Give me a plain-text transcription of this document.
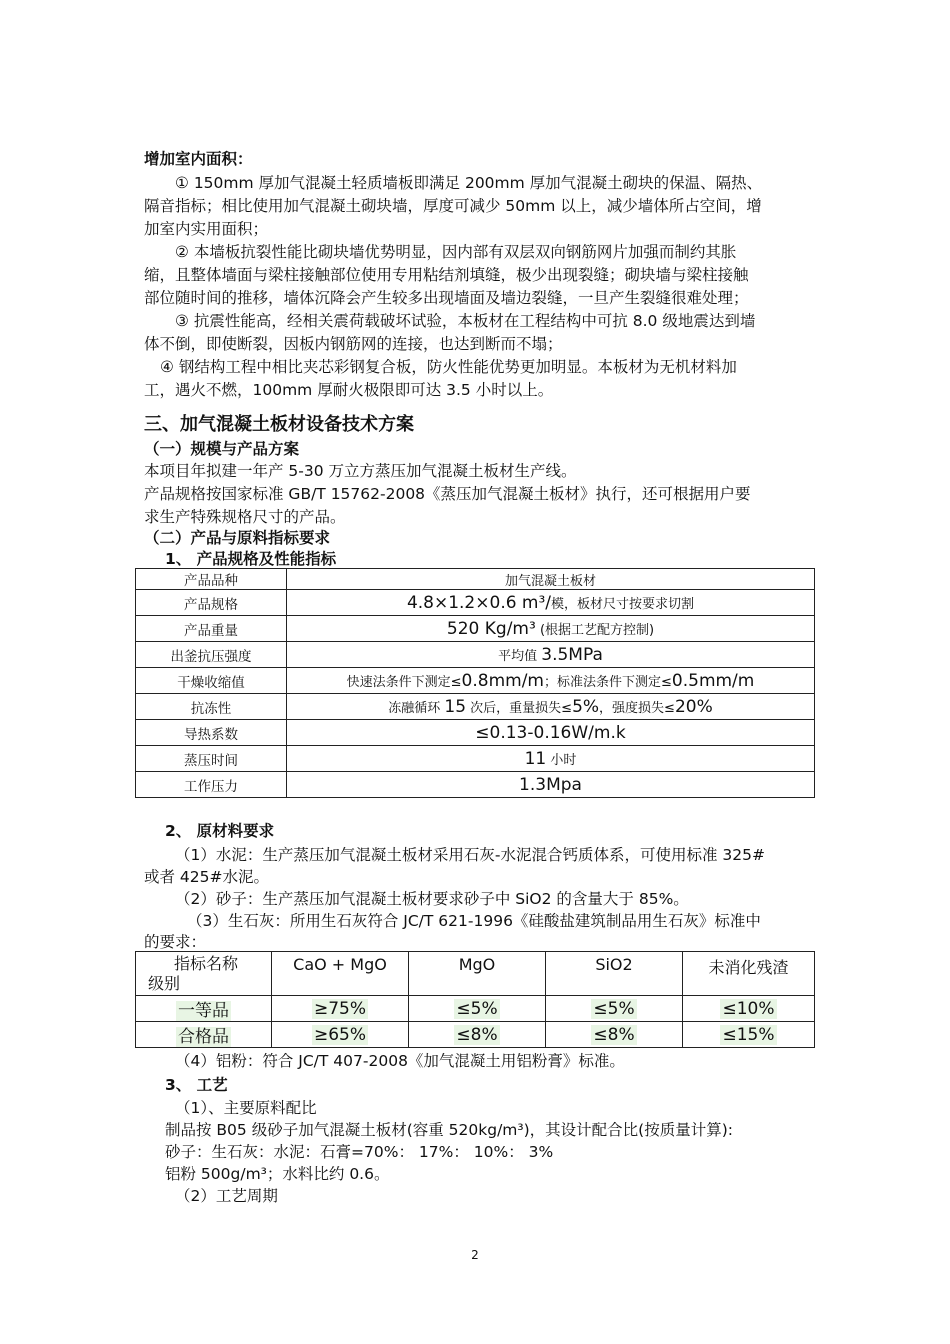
增加室内面积：
① 150mm 厚加气混凝土轻质墙板即满足 200mm 厚加气混凝土砌块的保温、隔热、
隔音指标；相比使用加气混凝土砌块墙，厚度可减少 50mm 以上，减少墙体所占空间，增
加室内实用面积；
② 本墙板抗裂性能比砌块墙优势明显，因内部有双层双向钢筋网片加强而制约其胀
缩，且整体墙面与梁柱接触部位使用专用粘结剂填缝，极少出现裂缝；砌块墙与梁柱接触
部位随时间的推移，墙体沉降会产生较多出现墙面及墙边裂缝，一旦产生裂缝很难处理；
③ 抗震性能高，经相关震荷载破坏试验，本板材在工程结构中可抗 8.0 级地震达到墙
体不倒，即使断裂，因板内钢筋网的连接，也达到断而不塌；
④ 钢结构工程中相比夹芯彩钢复合板，防火性能优势更加明显。本板材为无机材料加
工，遇火不燃，100mm 厚耐火极限即可达 3.5 小时以上。
三、加气混凝土板材设备技术方案
（一）规模与产品方案
本项目年拟建一年产 5-30 万立方蒸压加气混凝土板材生产线。
产品规格按国家标准 GB/T 15762-2008《蒸压加气混凝土板材》执行，还可根据用户要
求生产特殊规格尺寸的产品。
（二）产品与原料指标要求
1、 产品规格及性能指标
产品品种	加气混凝土板材
产品规格	4.8×1.2×0.6 m³/模，板材尺寸按要求切割
产品重量	520 Kg/m³ (根据工艺配方控制)
出釜抗压强度	平均值 3.5MPa
干燥收缩值	快速法条件下测定≤0.8mm/m；标准法条件下测定≤0.5mm/m
抗冻性	冻融循环 15 次后，重量损失≤5%，强度损失≤20%
导热系数	≤0.13-0.16W/m.k
蒸压时间	11 小时
工作压力	1.3Mpa
2、 原材料要求
（1）水泥：生产蒸压加气混凝土板材采用石灰-水泥混合钙质体系，可使用标准 325#
或者 425#水泥。
（2）砂子：生产蒸压加气混凝土板材要求砂子中 SiO2 的含量大于 85%。
（3）生石灰：所用生石灰符合 JC/T 621-1996《硅酸盐建筑制品用生石灰》标准中
的要求：
指标名称
级别	CaO + MgO	MgO	SiO2	未消化残渣
一等品	≥75%	≤5%	≤5%	≤10%
合格品	≥65%	≤8%	≤8%	≤15%
（4）铝粉：符合 JC/T 407-2008《加气混凝土用铝粉膏》标准。
3、 工艺
（1）、主要原料配比
制品按 B05 级砂子加气混凝土板材(容重 520kg/m³)，其设计配合比(按质量计算):
砂子：生石灰：水泥：石膏=70%： 17%： 10%： 3%
铝粉 500g/m³；水料比约 0.6。
（2）工艺周期
2
